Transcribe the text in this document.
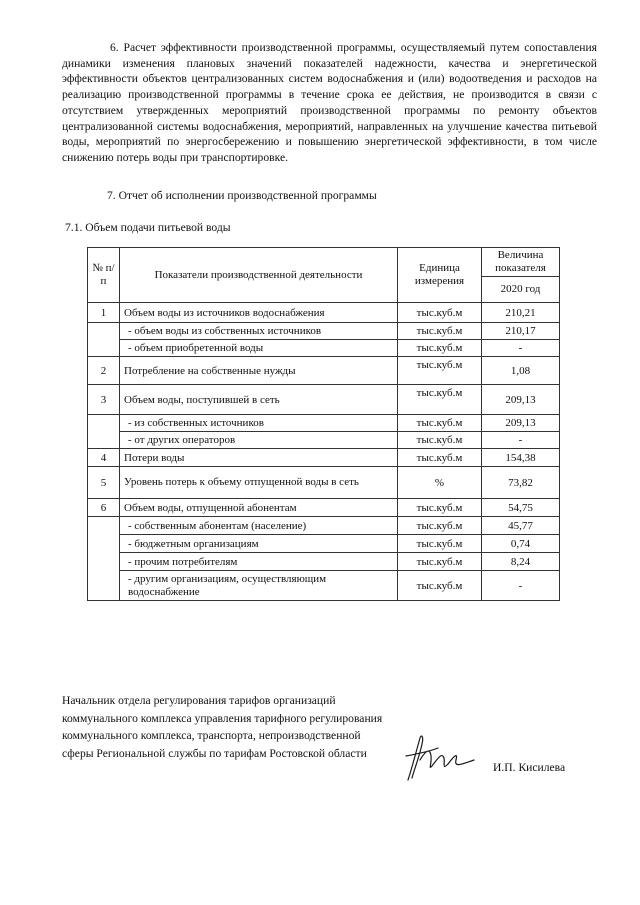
6. Расчет эффективности производственной программы, осуществляемый путем сопоставления динамики изменения плановых значений показателей надежности, качества и энергетической эффективности объектов централизованных систем водоснабжения и (или) водоотведения и расходов на реализацию производственной программы в течение срока ее действия, не производится в связи с отсутствием утвержденных мероприятий производственной программы по ремонту объектов централизованной системы водоснабжения, мероприятий, направленных на улучшение качества питьевой воды, мероприятий по энергосбережению и повышению энергетической эффективности, в том числе снижению потерь воды при транспортировке.

7. Отчет об исполнении производственной программы

7.1. Объем подачи питьевой воды

№ п/п	Показатели производственной деятельности	Единица измерения	Величина показателя
			2020 год
1	Объем воды из источников водоснабжения	тыс.куб.м	210,21
	- объем воды из собственных источников	тыс.куб.м	210,17
	- объем приобретенной воды	тыс.куб.м	-
2	Потребление на собственные нужды	тыс.куб.м	1,08
3	Объем воды, поступившей в сеть	тыс.куб.м	209,13
	- из собственных источников	тыс.куб.м	209,13
	- от других операторов	тыс.куб.м	-
4	Потери воды	тыс.куб.м	154,38
5	Уровень потерь к объему отпущенной воды в сеть	%	73,82
6	Объем воды, отпущенной абонентам	тыс.куб.м	54,75
	- собственным абонентам (население)	тыс.куб.м	45,77
	- бюджетным организациям	тыс.куб.м	0,74
	- прочим потребителям	тыс.куб.м	8,24
	- другим организациям, осуществляющим водоснабжение	тыс.куб.м	-

Начальник отдела регулирования тарифов организаций коммунального комплекса управления тарифного регулирования коммунального комплекса, транспорта, непроизводственной сферы Региональной службы по тарифам Ростовской области

И.П. Кисилева
